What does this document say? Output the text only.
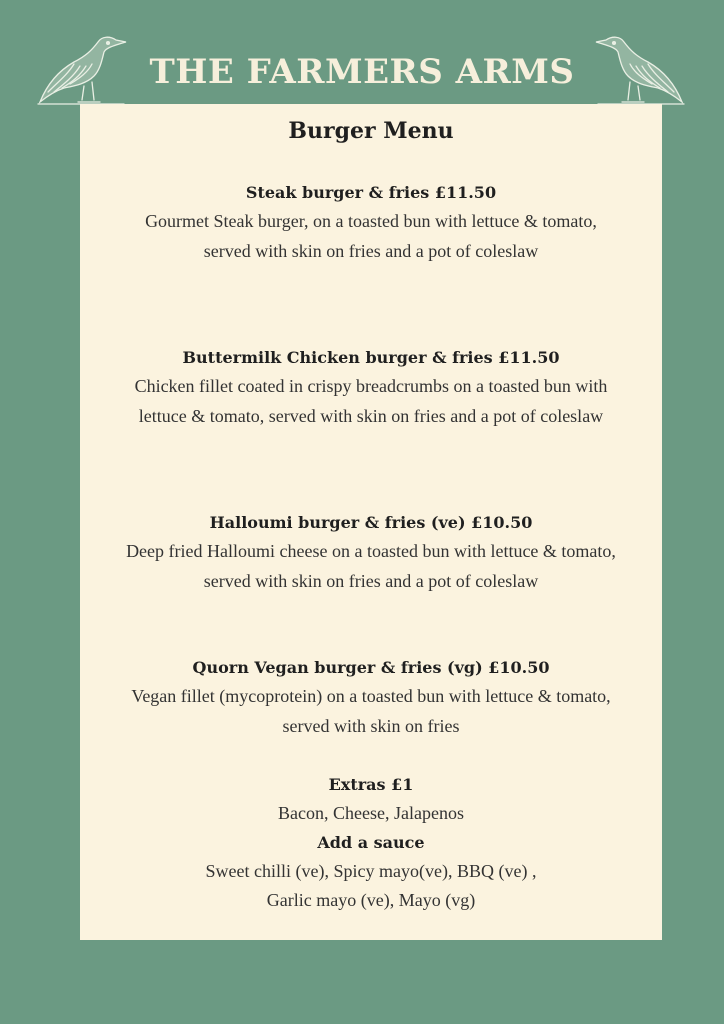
THE FARMERS ARMS
Burger Menu

Steak burger & fries £11.50

Gourmet Steak burger, on a toasted bun with lettuce & tomato, served with skin on fries and a pot of coleslaw

Buttermilk Chicken burger & fries £11.50

Chicken fillet coated in crispy breadcrumbs on a toasted bun with lettuce & tomato, served with skin on fries and a pot of coleslaw

Halloumi burger & fries (ve) £10.50

Deep fried Halloumi cheese on a toasted bun with lettuce & tomato, served with skin on fries and a pot of coleslaw

Quorn Vegan burger & fries (vg) £10.50

Vegan fillet (mycoprotein) on a toasted bun with lettuce & tomato, served with skin on fries

Extras £1

Bacon, Cheese, Jalapenos

Add a sauce

Sweet chilli (ve), Spicy mayo(ve), BBQ (ve) ,

Garlic mayo (ve), Mayo (vg)
